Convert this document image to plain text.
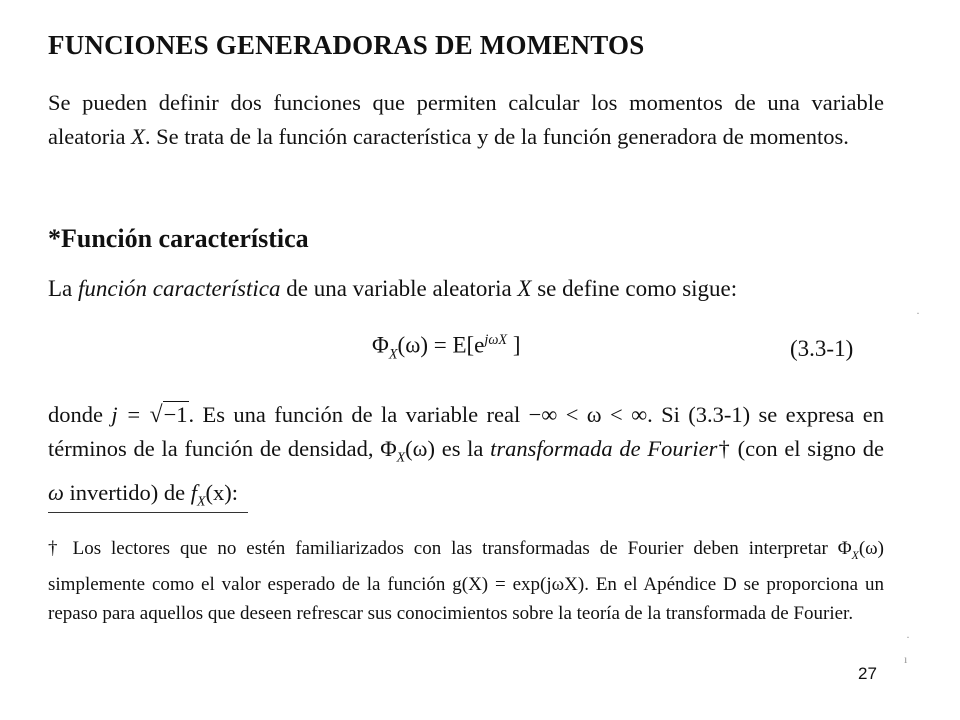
FUNCIONES GENERADORAS DE MOMENTOS
Se pueden definir dos funciones que permiten calcular los momentos de una variable aleatoria X. Se trata de la función característica y de la función generadora de momentos.
*Función característica
La función característica de una variable aleatoria X se define como sigue:
$\Phi_X(\omega) = E[e^{j\omega X}$ ]	(3.3-1)
donde j = √−1. Es una función de la variable real −∞ < ω < ∞. Si (3.3-1) se expresa en términos de la función de densidad, $\Phi_X(\omega)$ es la transformada de Fourier† (con el signo de ω invertido) de $f_X(x)$:
† Los lectores que no estén familiarizados con las transformadas de Fourier deben interpretar $\Phi_X(\omega)$ simplemente como el valor esperado de la función g(X) = exp(jωX). En el Apéndice D se proporciona un repaso para aquellos que deseen refrescar sus conocimientos sobre la teoría de la transformada de Fourier.
27
·
·
ı
